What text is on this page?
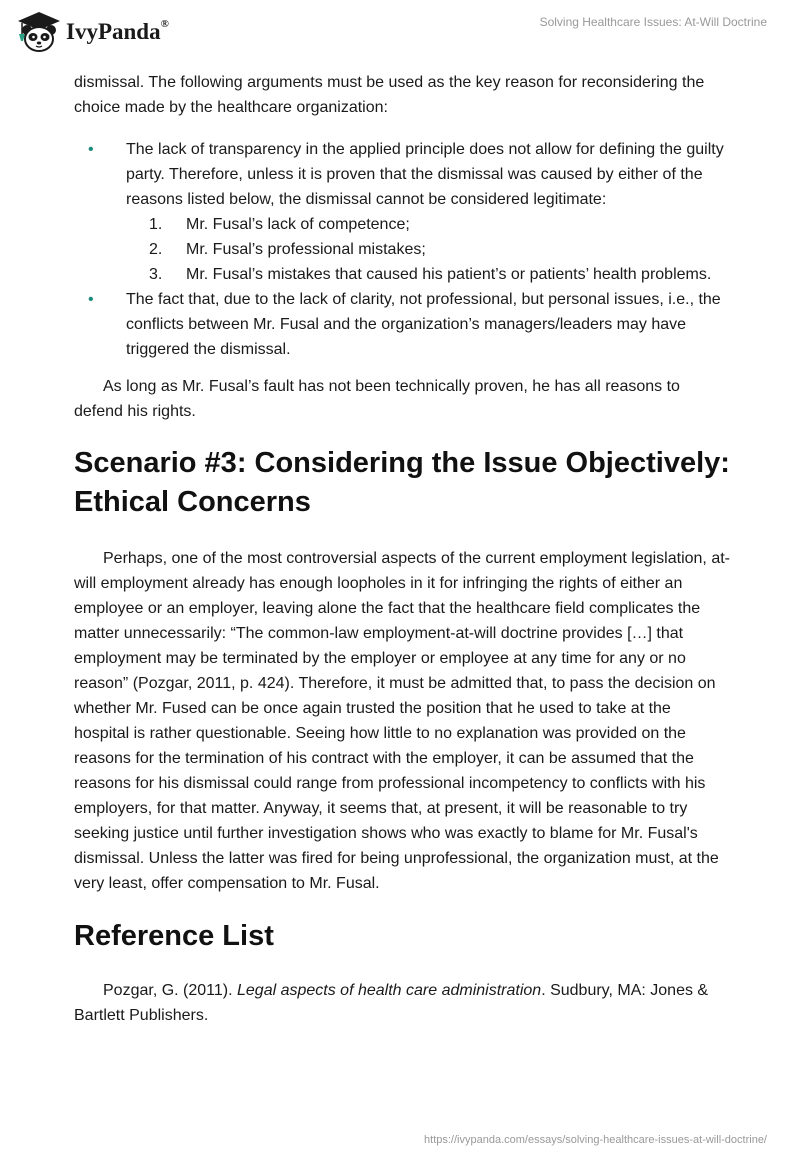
IvyPanda®	Solving Healthcare Issues: At-Will Doctrine

dismissal. The following arguments must be used as the key reason for reconsidering the choice made by the healthcare organization:

• The lack of transparency in the applied principle does not allow for defining the guilty party. Therefore, unless it is proven that the dismissal was caused by either of the reasons listed below, the dismissal cannot be considered legitimate:
1. Mr. Fusal’s lack of competence;
2. Mr. Fusal’s professional mistakes;
3. Mr. Fusal’s mistakes that caused his patient’s or patients’ health problems.
• The fact that, due to the lack of clarity, not professional, but personal issues, i.e., the conflicts between Mr. Fusal and the organization’s managers/leaders may have triggered the dismissal.

As long as Mr. Fusal’s fault has not been technically proven, he has all reasons to defend his rights.

Scenario #3: Considering the Issue Objectively: Ethical Concerns

Perhaps, one of the most controversial aspects of the current employment legislation, at-will employment already has enough loopholes in it for infringing the rights of either an employee or an employer, leaving alone the fact that the healthcare field complicates the matter unnecessarily: “The common-law employment-at-will doctrine provides […] that employment may be terminated by the employer or employee at any time for any or no reason” (Pozgar, 2011, p. 424). Therefore, it must be admitted that, to pass the decision on whether Mr. Fused can be once again trusted the position that he used to take at the hospital is rather questionable. Seeing how little to no explanation was provided on the reasons for the termination of his contract with the employer, it can be assumed that the reasons for his dismissal could range from professional incompetency to conflicts with his employers, for that matter. Anyway, it seems that, at present, it will be reasonable to try seeking justice until further investigation shows who was exactly to blame for Mr. Fusal's dismissal. Unless the latter was fired for being unprofessional, the organization must, at the very least, offer compensation to Mr. Fusal.

Reference List

Pozgar, G. (2011). Legal aspects of health care administration. Sudbury, MA: Jones & Bartlett Publishers.

https://ivypanda.com/essays/solving-healthcare-issues-at-will-doctrine/
